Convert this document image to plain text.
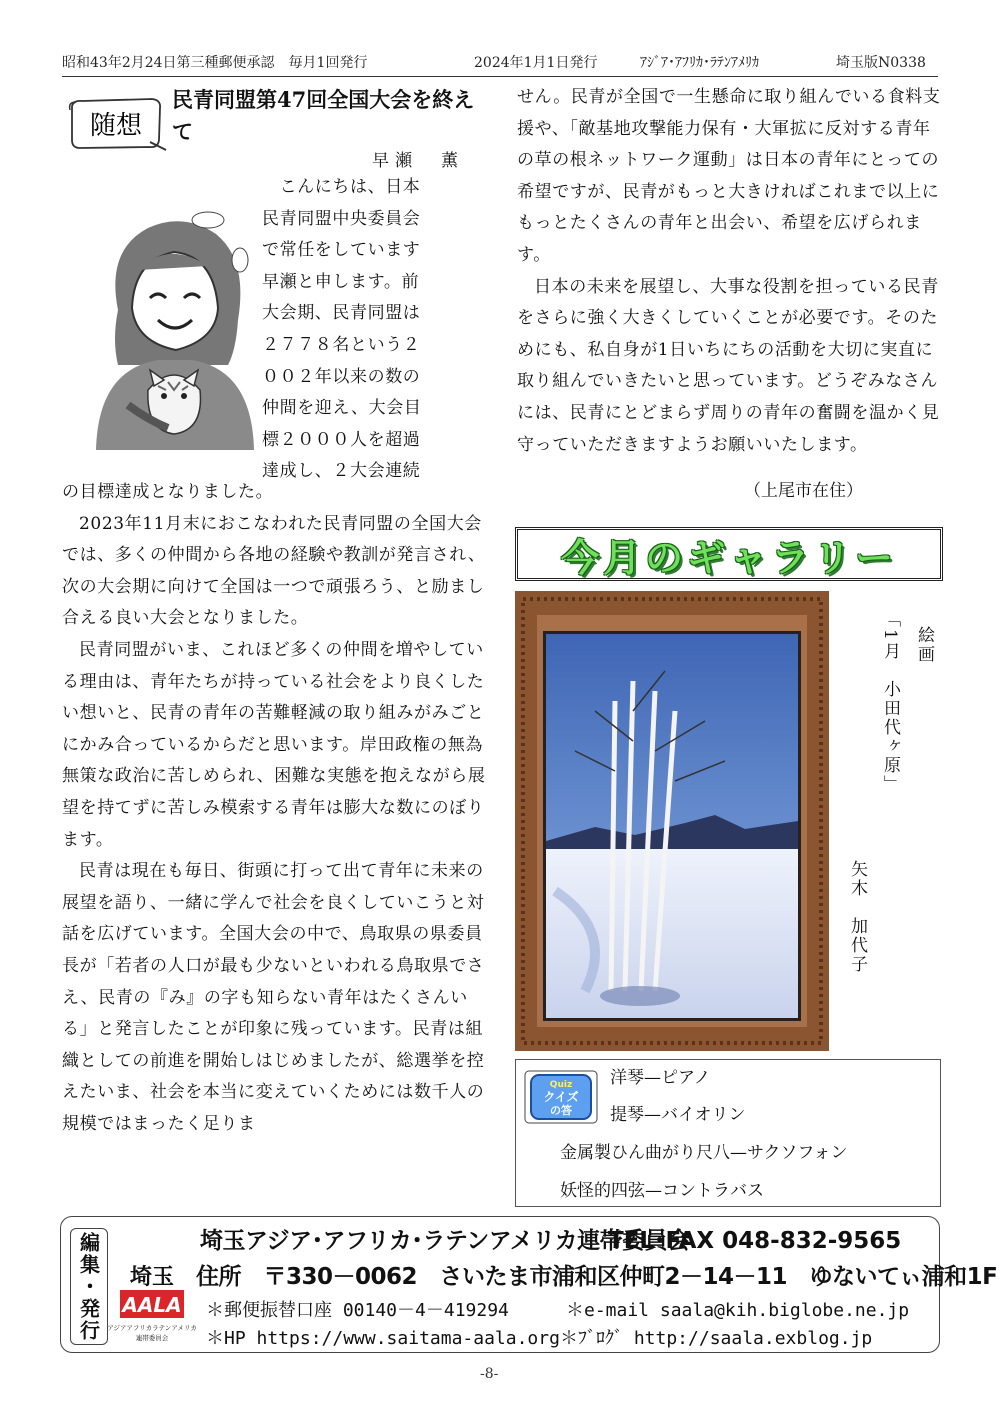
昭和43年2月24日第三種郵便承認　毎月1回発行	2024年1月1日発行	ｱｼﾞｱ･ｱﾌﾘｶ･ﾗﾃﾝｱﾒﾘｶ	埼玉版N0338
随想
民青同盟第47回全国大会を終えて
早瀬　薫

　こんにちは、日本

民青同盟中央委員会

で常任をしています

早瀬と申します。前

大会期、民青同盟は

２７７８名という２

００２年以来の数の

仲間を迎え、大会目

標２０００人を超過

達成し、２大会連続

の目標達成となりました。

2023年11月末におこなわれた民青同盟の全国大会では、多くの仲間から各地の経験や教訓が発言され、次の大会期に向けて全国は一つで頑張ろう、と励まし合える良い大会となりました。

民青同盟がいま、これほど多くの仲間を増やしている理由は、青年たちが持っている社会をより良くしたい想いと、民青の青年の苦難軽減の取り組みがみごとにかみ合っているからだと思います。岸田政権の無為無策な政治に苦しめられ、困難な実態を抱えながら展望を持てずに苦しみ模索する青年は膨大な数にのぼります。

民青は現在も毎日、街頭に打って出て青年に未来の展望を語り、一緒に学んで社会を良くしていこうと対話を広げています。全国大会の中で、鳥取県の県委員長が「若者の人口が最も少ないといわれる鳥取県でさえ、民青の『み』の字も知らない青年はたくさんいる」と発言したことが印象に残っています。民青は組織としての前進を開始しはじめましたが、総選挙を控えたいま、社会を本当に変えていくためには数千人の規模ではまったく足りま

せん。民青が全国で一生懸命に取り組んでいる食料支援や、「敵基地攻撃能力保有・大軍拡に反対する青年の草の根ネットワーク運動」は日本の青年にとっての希望ですが、民青がもっと大きければこれまで以上にもっとたくさんの青年と出会い、希望を広げられます。

日本の未来を展望し、大事な役割を担っている民青をさらに強く大きくしていくことが必要です。そのためにも、私自身が1日いちにちの活動を大切に実直に取り組んでいきたいと思っています。どうぞみなさんには、民青にとどまらず周りの青年の奮闘を温かく見守っていただきますようお願いいたします。

（上尾市在住）
今月のギャラリー
絵画
「1月　小田代ヶ原」
矢木　加代子
Quiz
クイズ
の答
洋琴—ピアノ
提琴—バイオリン
金属製ひん曲がり尺八—サクソフォン
妖怪的四弦—コントラバス
編集・発行	埼玉
AALA
アジアアフリカラテンアメリカ
連帯委員会
埼玉アジア･アフリカ･ラテンアメリカ連帯委員会
TEL･FAX 048-832-9565
住所　〒330－0062　さいたま市浦和区仲町2－14－11　ゆないてぃ浦和1F
＊郵便振替口座 00140－4－419294	＊e-mail saala@kih.biglobe.ne.jp
＊HP https://www.saitama-aala.org ＊ﾌﾞﾛｸﾞ http://saala.exblog.jp
-8-
